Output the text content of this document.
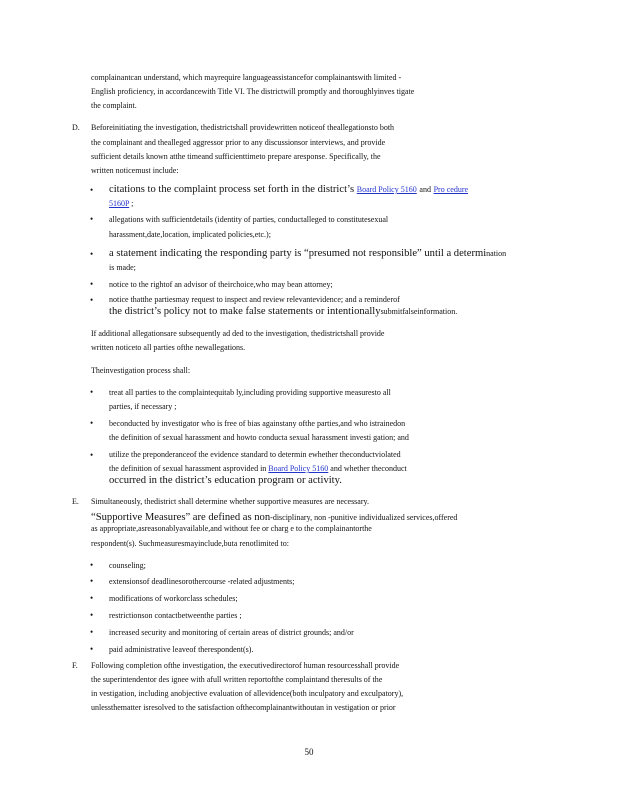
complainantcan understand, which mayrequire languageassistancefor complainantswith limited -
English proficiency, in accordancewith Title VI. The districtwill promptly and thoroughlyinves tigate
the complaint.
D. Beforeinitiating the investigation, thedistrictshall providewritten noticeof theallegationsto both
the complainant and thealleged aggressor prior to any discussionsor interviews, and provide
sufficient details known atthe timeand sufficienttimeto prepare aresponse. Specifically, the
written noticemust include:
• citations to the complaint process set forth in the district’s Board Policy 5160 and Pro cedure
5160P ;
• allegations with sufficientdetails (identity of parties, conductalleged to constitutesexual
harassment,date,location, implicated policies,etc.);
• a statement indicating the responding party is “presumed not responsible” until a determination
is made;
• notice to the rightof an advisor of theirchoice,who may bean attorney;
• notice thatthe partiesmay request to inspect and review relevantevidence; and a reminderof
the district’s policy not to make false statements or intentionallysubmitfalseinformation.
If additional allegationsare subsequently ad ded to the investigation, thedistrictshall provide
written noticeto all parties ofthe newallegations.
Theinvestigation process shall:
• treat all parties to the complaintequitab ly,including providing supportive measuresto all
parties, if necessary ;
• beconducted by investigator who is free of bias againstany ofthe parties,and who istrainedon
the definition of sexual harassment and howto conducta sexual harassment investi gation; and
• utilize the preponderanceof the evidence standard to determin ewhether theconductviolated
the definition of sexual harassment asprovided in Board Policy 5160 and whether theconduct
occurred in the district’s education program or activity.
E. Simultaneously, thedistrict shall determine whether supportive measures are necessary.
“Supportive Measures” are defined as non-disciplinary, non -punitive individualized services,offered
as appropriate,asreasonablyavailable,and without fee or charg e to the complainantorthe
respondent(s). Suchmeasuresmayinclude,buta renotlimited to:
• counseling;
• extensionsof deadlinesorothercourse -related adjustments;
• modifications of workorclass schedules;
• restrictionson contactbetweenthe parties ;
• increased security and monitoring of certain areas of district grounds; and/or
• paid administrative leaveof therespondent(s).
F. Following completion ofthe investigation, the executivedirectorof human resourcesshall provide
the superintendentor des ignee with afull written reportofthe complaintand theresults of the
in vestigation, including anobjective evaluation of allevidence(both inculpatory and exculpatory),
unlessthematter isresolved to the satisfaction ofthecomplainantwithoutan in vestigation or prior
50
